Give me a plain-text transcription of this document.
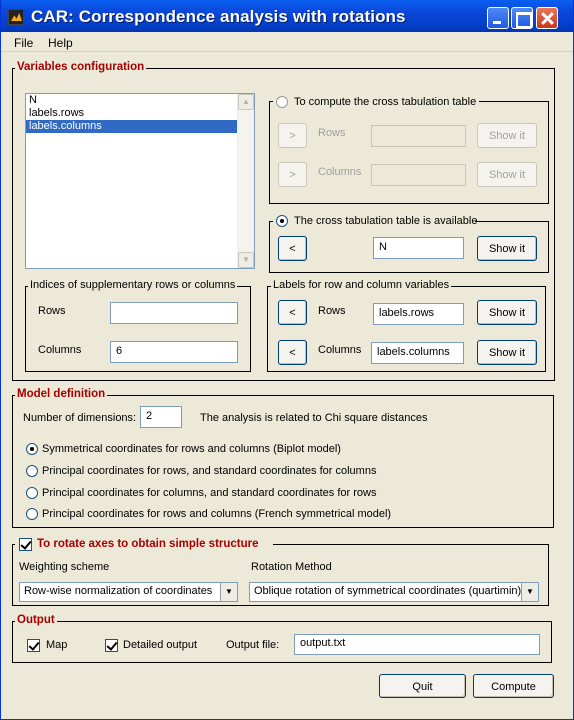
CAR: Correspondence analysis with rotations
File Help
Variables configuration
N
labels.rows
labels.columns
▲
▼
To compute the cross tabulation table
>	Rows	Show it
>	Columns	Show it
The cross tabulation table is available
<	N	Show it
Indices of supplementary rows or columns
Rows
Columns	6
Labels for row and column variables
<	Rows	labels.rows	Show it
<	Columns	labels.columns	Show it
Model definition
Number of dimensions: 2	The analysis is related to Chi square distances
Symmetrical coordinates for rows and columns (Biplot model)
Principal coordinates for rows, and standard coordinates for columns
Principal coordinates for columns, and standard coordinates for rows
Principal coordinates for rows and columns (French symmetrical model)
To rotate axes to obtain simple structure
Weighting scheme
Row-wise normalization of coordinates	▼
Rotation Method
Oblique rotation of symmetrical coordinates (quartimin) ▼
Output
Map	Detailed output	Output file:	output.txt
Quit	Compute
